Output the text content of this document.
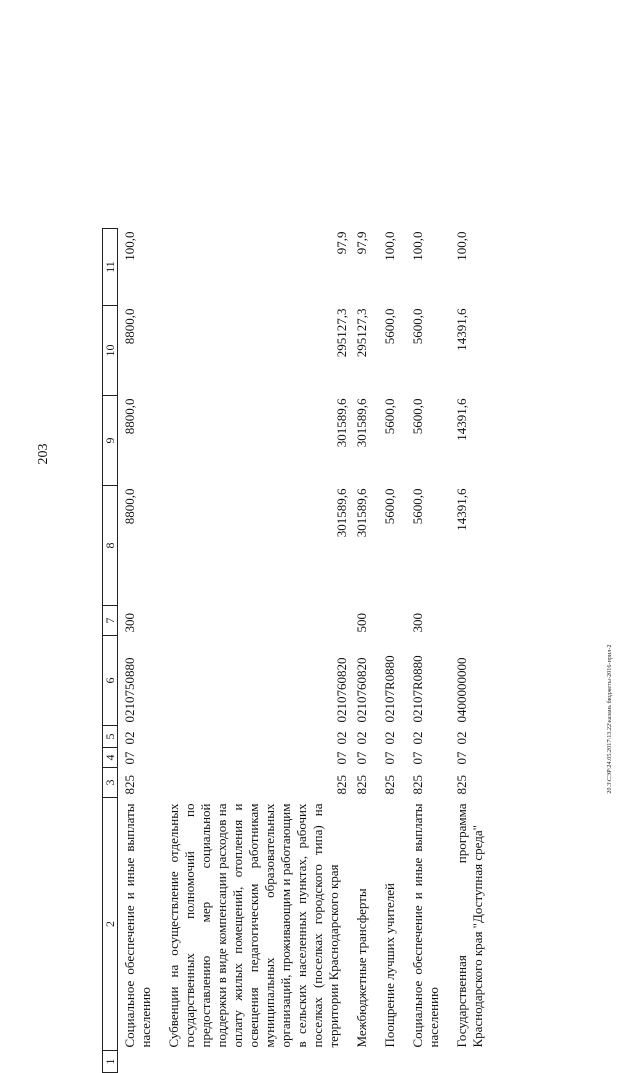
203
1	2	3	4	5	6	7	8	9	10	11
	Социальное обеспечение и иные выплаты населению	825	07	02	0210750880	300	8800,0	8800,0	8800,0	100,0
	Субвенции на осуществление отдельных государственных полномочий по предоставлению мер социальной поддержки в виде компенсации расходов на оплату жилых помещений, отопления и освещения педагогическим работникам муниципальных образовательных организаций, проживающим и работающим в сельских населенных пунктах, рабочих поселках (поселках городского типа) на территории Краснодарского края	825	07	02	0210760820		301589,6	301589,6	295127,3	97,9
	Межбюджетные трансферты	825	07	02	0210760820	500	301589,6	301589,6	295127,3	97,9
	Поощрение лучших учителей	825	07	02	02107R0880		5600,0	5600,0	5600,0	100,0
	Социальное обеспечение и иные выплаты населению	825	07	02	02107R0880	300	5600,0	5600,0	5600,0	100,0
	Государственная программа Краснодарского края "Доступная среда"	825	07	02	0400000000		14391,6	14391,6	14391,6	100,0
20.3\СЭР\24.05.2017\13.22\казань бюджеты-2016-прил-2
